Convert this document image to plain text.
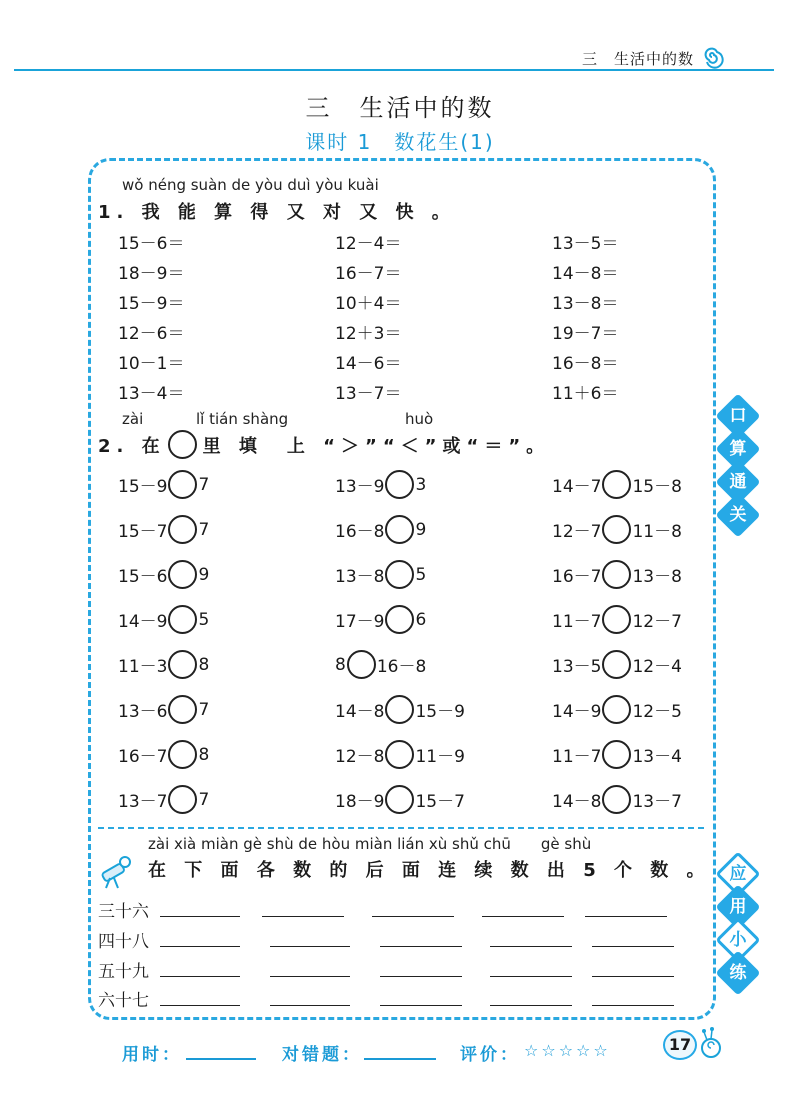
三　生活中的数
三　生活中的数
课时 1　数花生(1)
wǒ néng suàn de yòu duì yòu kuài
1. 我 能 算 得 又 对 又 快 。
15－6＝	12－4＝	13－5＝
18－9＝	16－7＝	14－8＝
15－9＝	10＋4＝	13－8＝
12－6＝	12＋3＝	19－7＝
10－1＝	14－6＝	16－8＝
13－4＝	13－7＝	11＋6＝
zài	lǐ tián shàng	huò
2. 在 里 填　上 “＞”“＜”或“＝”。
15－9 7	13－9 3	14－7 15－8
15－7 7	16－8 9	12－7 11－8
15－6 9	13－8 5	16－7 13－8
14－9 5	17－9 6	11－7 12－7
11－3 8	8 16－8	13－5 12－4
13－6 7	14－8 15－9	14－9 12－5
16－7 8	12－8 11－9	11－7 13－4
13－7 7	18－9 15－7	14－8 13－7
口
算
通
关
zài xià miàn gè shù de hòu miàn lián xù shǔ chū　　gè shù
在 下 面 各 数 的 后 面 连 续 数 出 5 个 数 。
三十六
四十八
五十九
六十七
应
用
小
练
用时：	对错题：	评价： ☆☆☆☆☆	17
